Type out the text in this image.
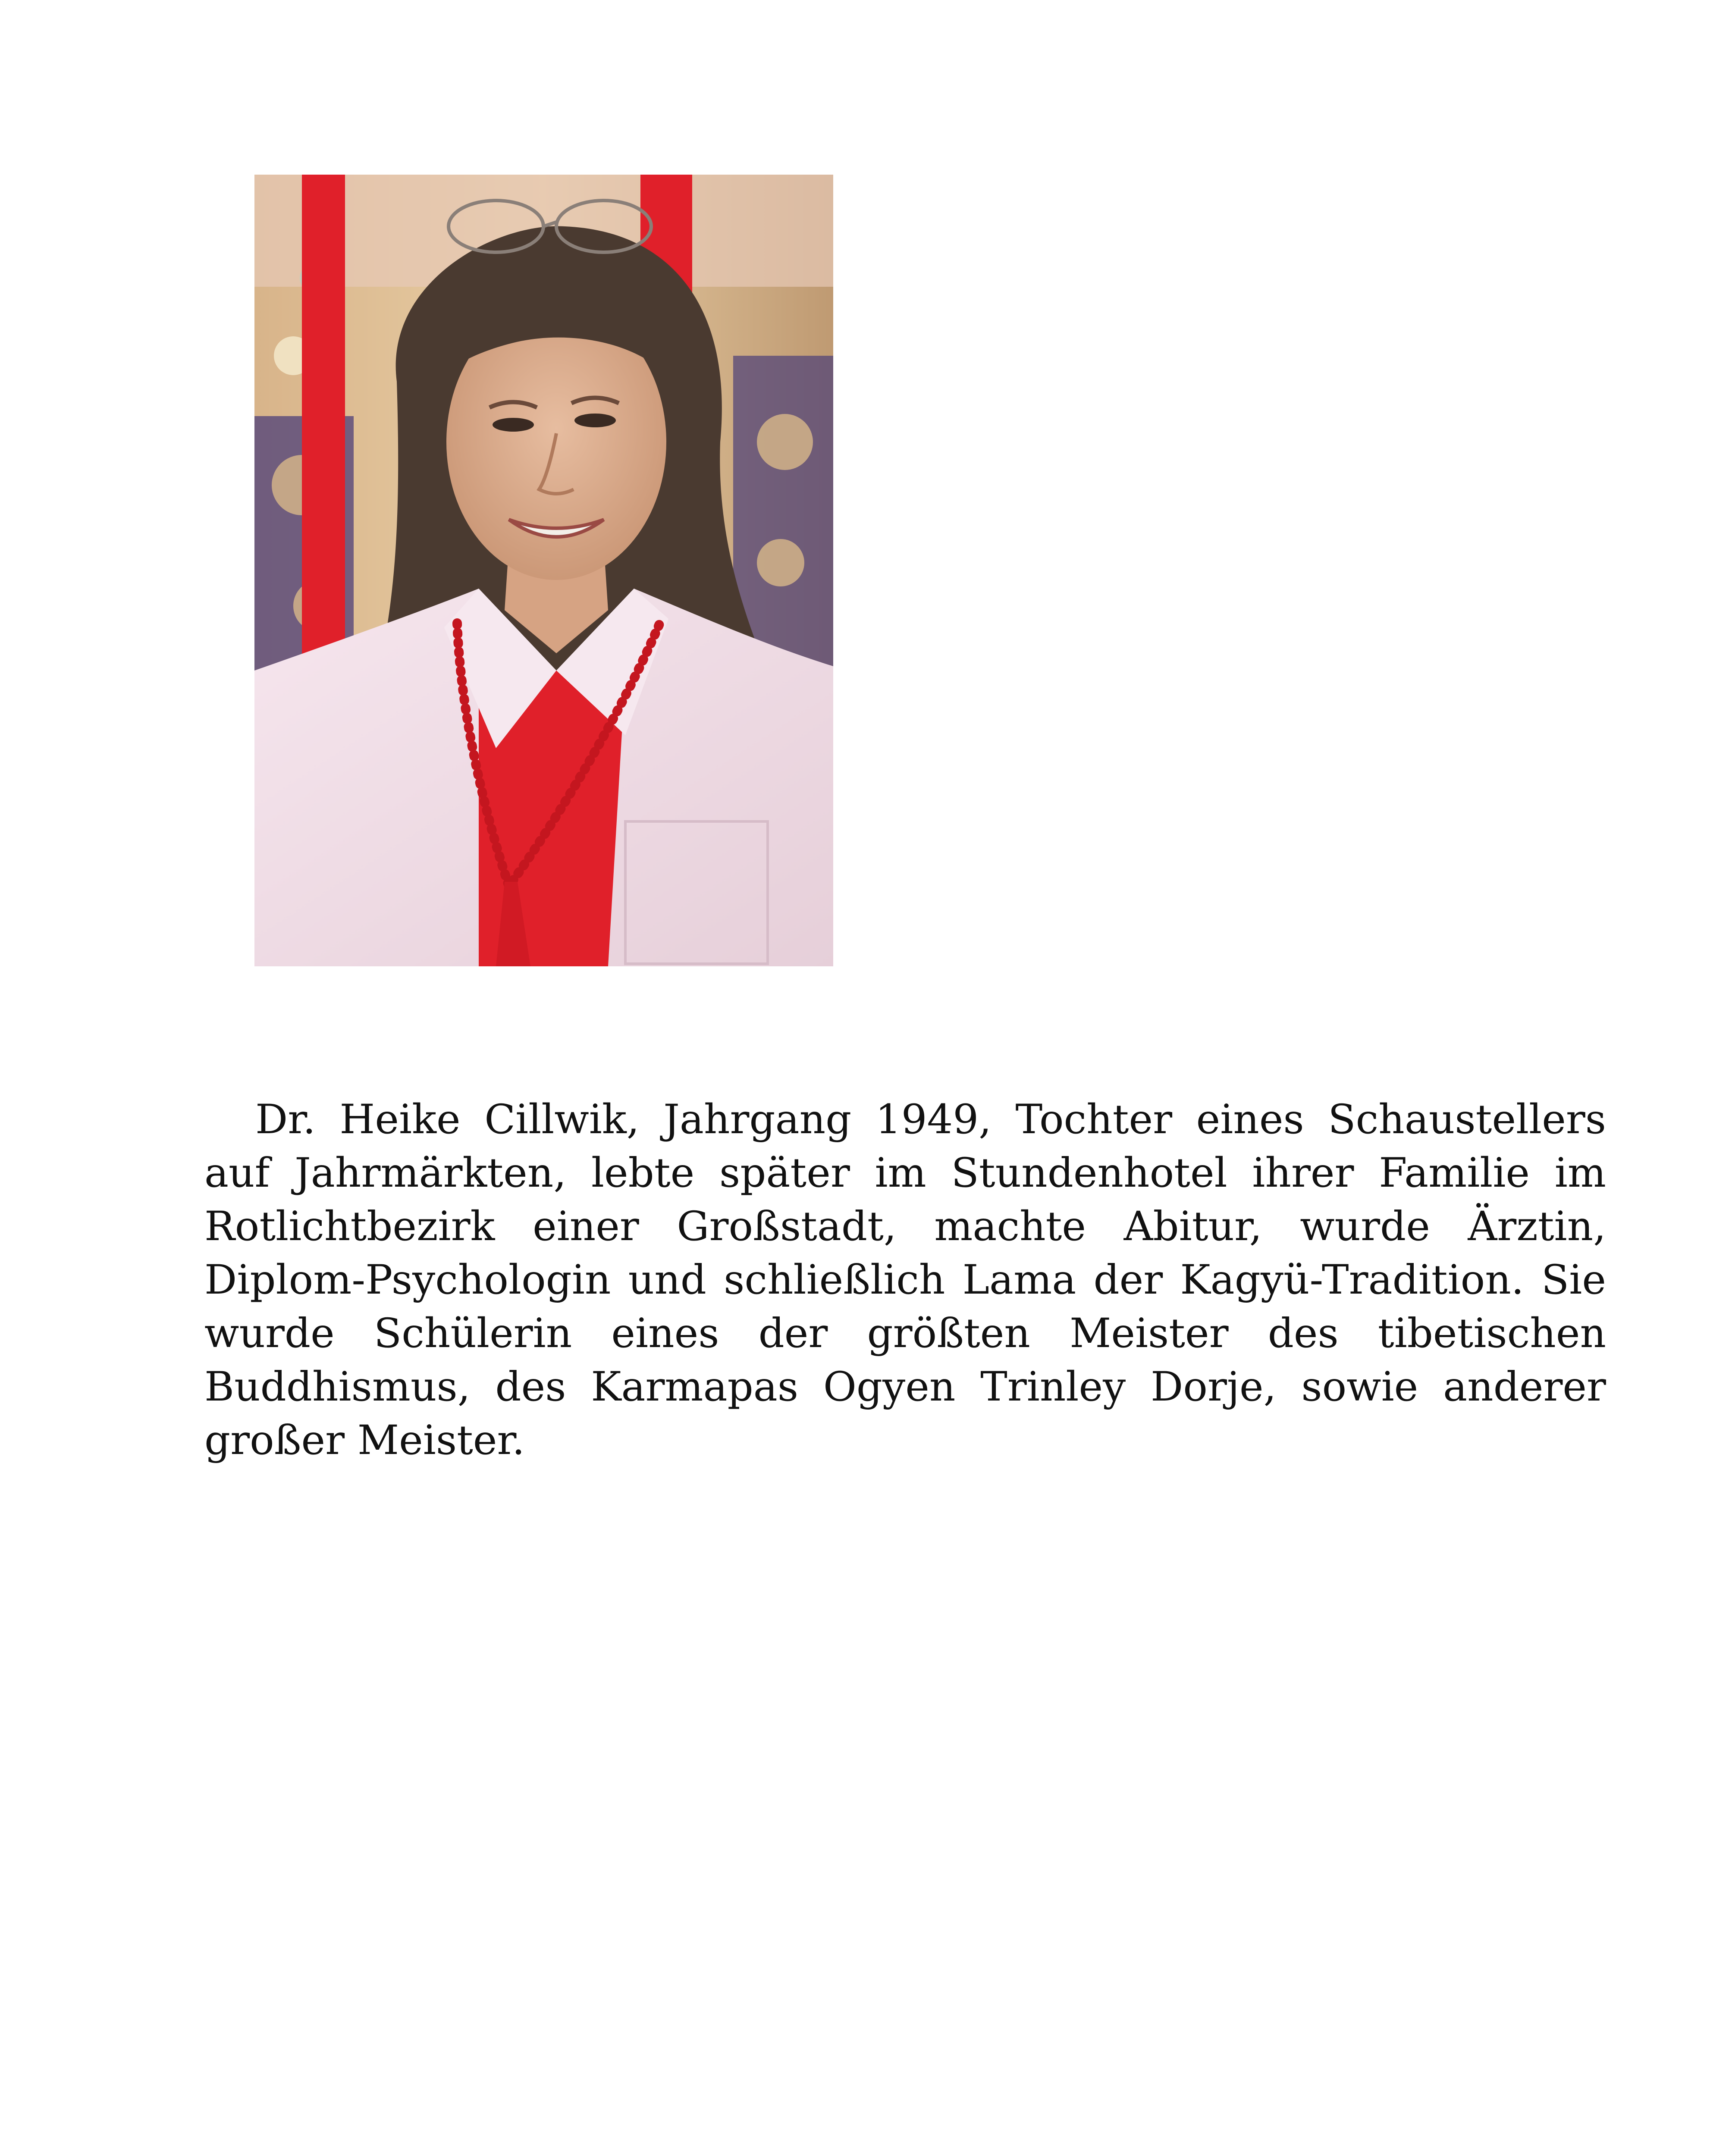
Dr. Heike Cillwik, Jahrgang 1949, Tochter eines Schaustellers auf Jahrmärkten, lebte später im Stundenhotel ihrer Familie im Rotlichtbezirk einer Großstadt, machte Abitur, wurde Ärztin, Diplom-Psychologin und schließlich Lama der Kagyü-Tradition. Sie wurde Schülerin eines der größten Meister des tibetischen Buddhismus, des Karmapas Ogyen Trinley Dorje, sowie anderer großer Meister.
